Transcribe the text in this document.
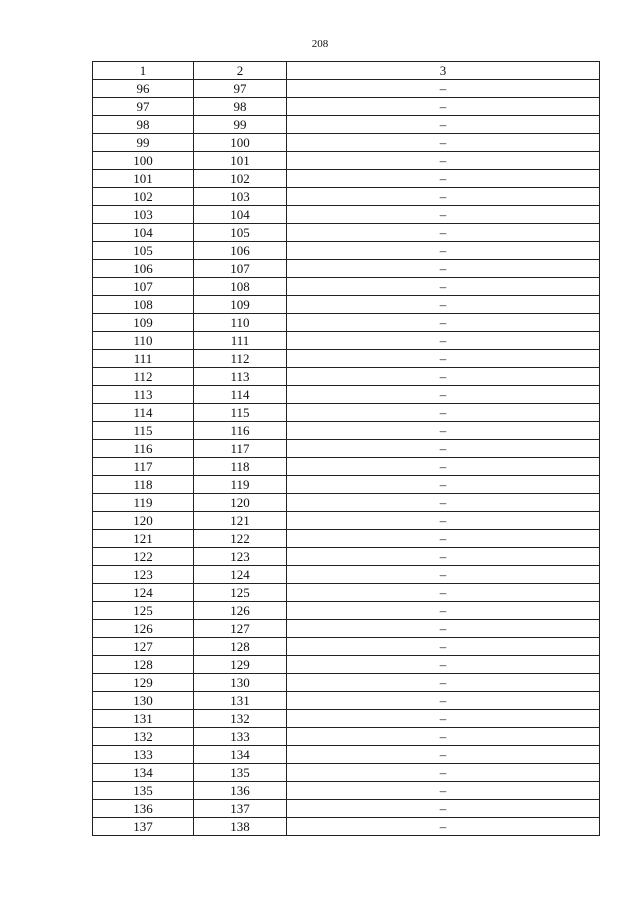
208
1	2	3
96	97	–
97	98	–
98	99	–
99	100	–
100	101	–
101	102	–
102	103	–
103	104	–
104	105	–
105	106	–
106	107	–
107	108	–
108	109	–
109	110	–
110	111	–
111	112	–
112	113	–
113	114	–
114	115	–
115	116	–
116	117	–
117	118	–
118	119	–
119	120	–
120	121	–
121	122	–
122	123	–
123	124	–
124	125	–
125	126	–
126	127	–
127	128	–
128	129	–
129	130	–
130	131	–
131	132	–
132	133	–
133	134	–
134	135	–
135	136	–
136	137	–
137	138	–
